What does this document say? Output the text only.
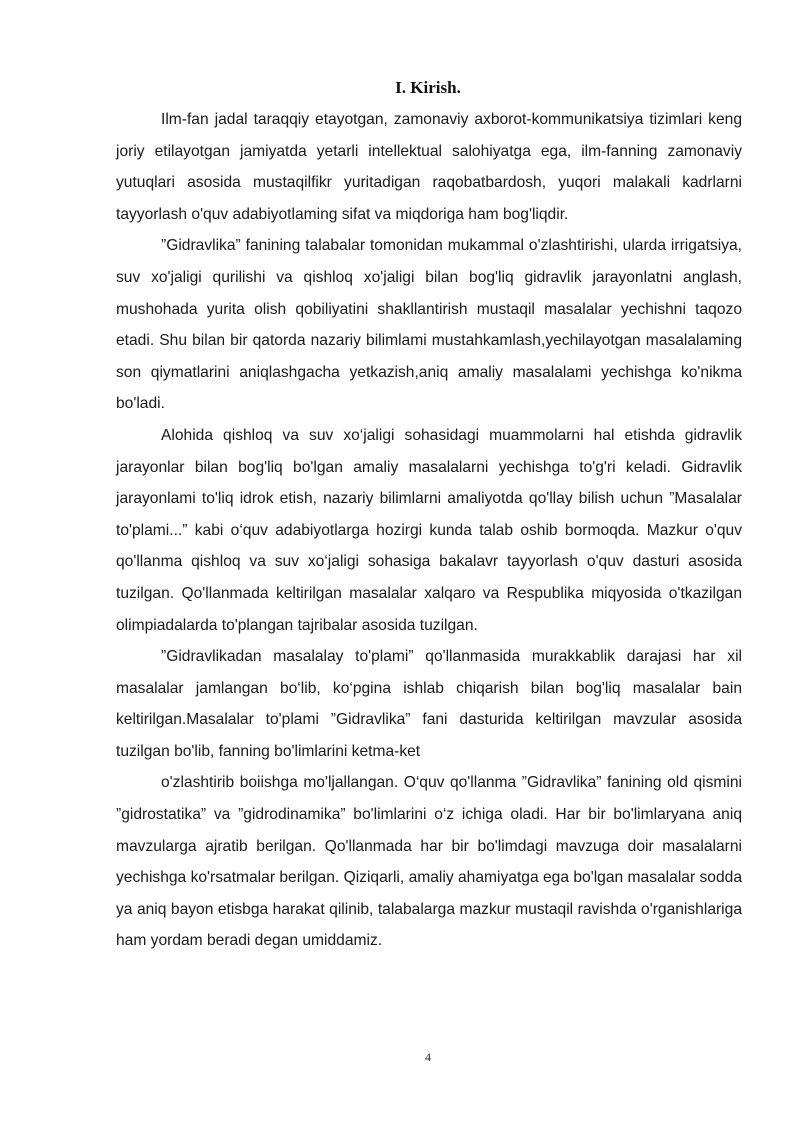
I. Kirish.

Ilm-fan jadal taraqqiy etayotgan, zamonaviy axborot-kommunikatsiya tizimlari keng joriy etilayotgan jamiyatda yetarli intellektual salohiyatga ega, ilm-fanning zamonaviy yutuqlari asosida mustaqilfikr yuritadigan raqobatbardosh, yuqori malakali kadrlarni tayyorlash o'quv adabiyotlaming sifat va miqdoriga ham bog'liqdir.

”Gidravlika” fanining talabalar tomonidan mukammal o'zlashtirishi, ularda irrigatsiya, suv xo'jaligi qurilishi va qishloq xo'jaligi bilan bog'liq gidravlik jarayonlatni anglash, mushohada yurita olish qobiliyatini shakllantirish mustaqil masalalar yechishni taqozo etadi. Shu bilan bir qatorda nazariy bilimlami mustahkamlash,yechilayotgan masalalaming son qiymatlarini aniqlashgacha yetkazish,aniq amaliy masalalami yechishga ko'nikma bo'ladi.

Alohida qishloq va suv xo‘jaligi sohasidagi muammolarni hal etishda gidravlik jarayonlar bilan bog'liq bo'lgan amaliy masalalarni yechishga to'g'ri keladi. Gidravlik jarayonlami to'liq idrok etish, nazariy bilimlarni amaliyotda qo'llay bilish uchun ”Masalalar to'plami...” kabi o‘quv adabiyotlarga hozirgi kunda talab oshib bormoqda. Mazkur o'quv qo'llanma qishloq va suv xo‘jaligi sohasiga bakalavr tayyorlash o'quv dasturi asosida tuzilgan. Qo'llanmada keltirilgan masalalar xalqaro va Respublika miqyosida o'tkazilgan olimpiadalarda to'plangan tajribalar asosida tuzilgan.

”Gidravlikadan masalalay to'plami” qo'llanmasida murakkablik darajasi har xil masalalar jamlangan bo‘lib, ko‘pgina ishlab chiqarish bilan bog'liq masalalar bain keltirilgan.Masalalar to'plami ”Gidravlika” fani dasturida keltirilgan mavzular asosida tuzilgan bo'lib, fanning bo'limlarini ketma-ket

o'zlashtirib boiishga mo'ljallangan. O‘quv qo'llanma ”Gidravlika” fanining old qismini ”gidrostatika” va ”gidrodinamika” bo'limlarini o‘z ichiga oladi. Har bir bo'limlaryana aniq mavzularga ajratib berilgan. Qo'llanmada har bir bo'limdagi mavzuga doir masalalarni yechishga ko'rsatmalar berilgan. Qiziqarli, amaliy ahamiyatga ega bo'lgan masalalar sodda ya aniq bayon etisbga harakat qilinib, talabalarga mazkur mustaqil ravishda o'rganishlariga ham yordam beradi degan umiddamiz.

4
